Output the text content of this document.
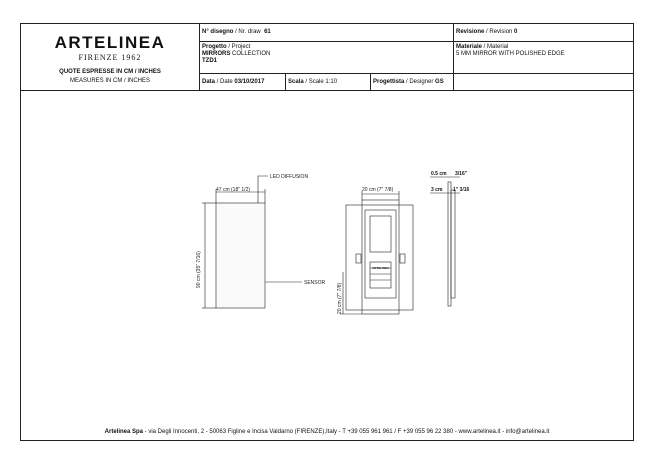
ARTELINEA
FIRENZE 1962
QUOTE ESPRESSE IN CM / INCHES
MEASURES IN CM / INCHES
N° disegno / Nr. draw 61	Revisione / Revision 0
Progetto / Project
MIRRORS COLLECTION
TZD1
Materiale / Material
5 MM MIRROR WITH POLISHED EDGE
Data / Date 03/10/2017	Scala / Scale 1:10	Progettista / Designer GS
Artelinea Spa - via Degli Innocenti, 2 - 50063 Figline e Incisa Valdarno (FIRENZE),Italy - T +39 055 961 961 / F +39 055 96 22 380 - www.artelinea.it - info@artelinea.it
47 cm (18" 1/2)
90 cm (35" 7/16)
LED DIFFUSION
SENSOR
20 cm (7" 7/8)
20 cm (7" 7/8)
0.5 cm 3/16"
3 cm 1" 3/16
ARTELINEA
